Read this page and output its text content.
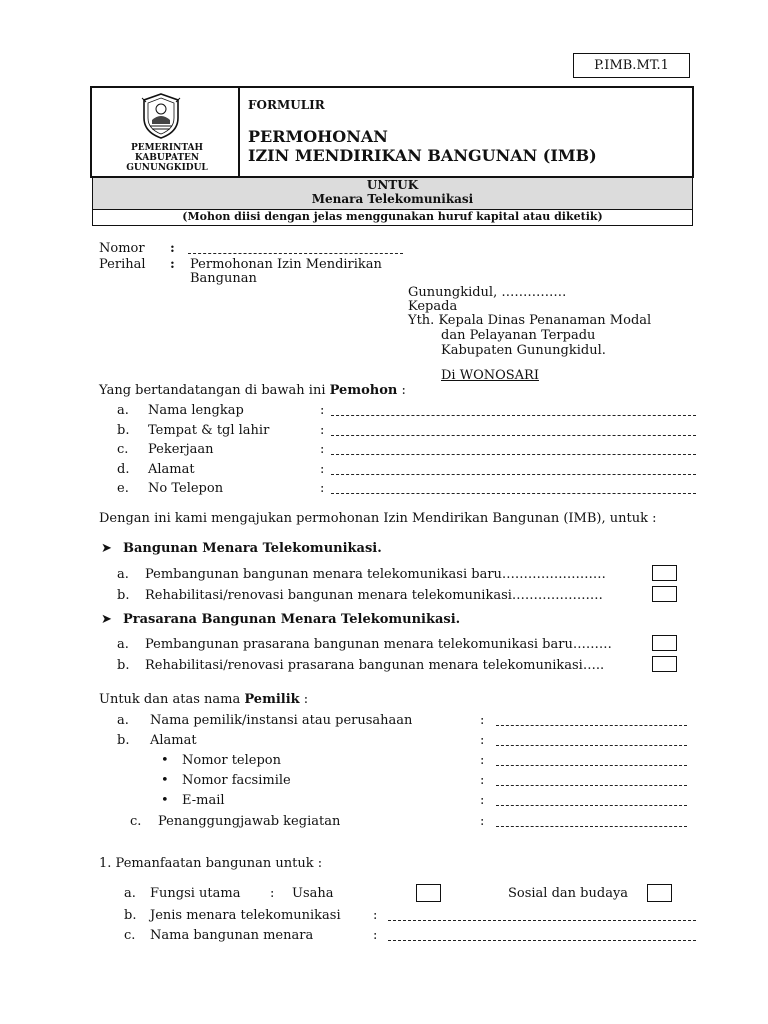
P.IMB.MT.1
PEMERINTAH
KABUPATEN
GUNUNGKIDUL
FORMULIR
PERMOHONAN
IZIN MENDIRIKAN BANGUNAN (IMB)
UNTUK
Menara Telekomunikasi
(Mohon diisi dengan jelas menggunakan huruf kapital atau diketik)
Nomor :
Perihal : Permohonan Izin Mendirikan
Bangunan
Gunungkidul, ……………
Kepada
Yth. Kepala Dinas Penanaman Modal
dan Pelayanan Terpadu
Kabupaten Gunungkidul.
Di WONOSARI
Yang bertandatangan di bawah ini Pemohon :
a. Nama lengkap	:
b. Tempat & tgl lahir	:
c. Pekerjaan	:
d. Alamat	:
e. No Telepon	:
Dengan ini kami mengajukan permohonan Izin Mendirikan Bangunan (IMB), untuk :
➤ Bangunan Menara Telekomunikasi.
a. Pembangunan bangunan menara telekomunikasi baru……………………
b. Rehabilitasi/renovasi bangunan menara telekomunikasi…………………
➤ Prasarana Bangunan Menara Telekomunikasi.
a. Pembangunan prasarana bangunan menara telekomunikasi baru………
b. Rehabilitasi/renovasi prasarana bangunan menara telekomunikasi…..
Untuk dan atas nama Pemilik :
a. Nama pemilik/instansi atau perusahaan	:
b. Alamat	:
• Nomor telepon	:
• Nomor facsimile	:
• E-mail	:
c. Penanggungjawab kegiatan	:
1. Pemanfaatan bangunan untuk :
a. Fungsi utama : Usaha	Sosial dan budaya
b. Jenis menara telekomunikasi :
c. Nama bangunan menara	:
